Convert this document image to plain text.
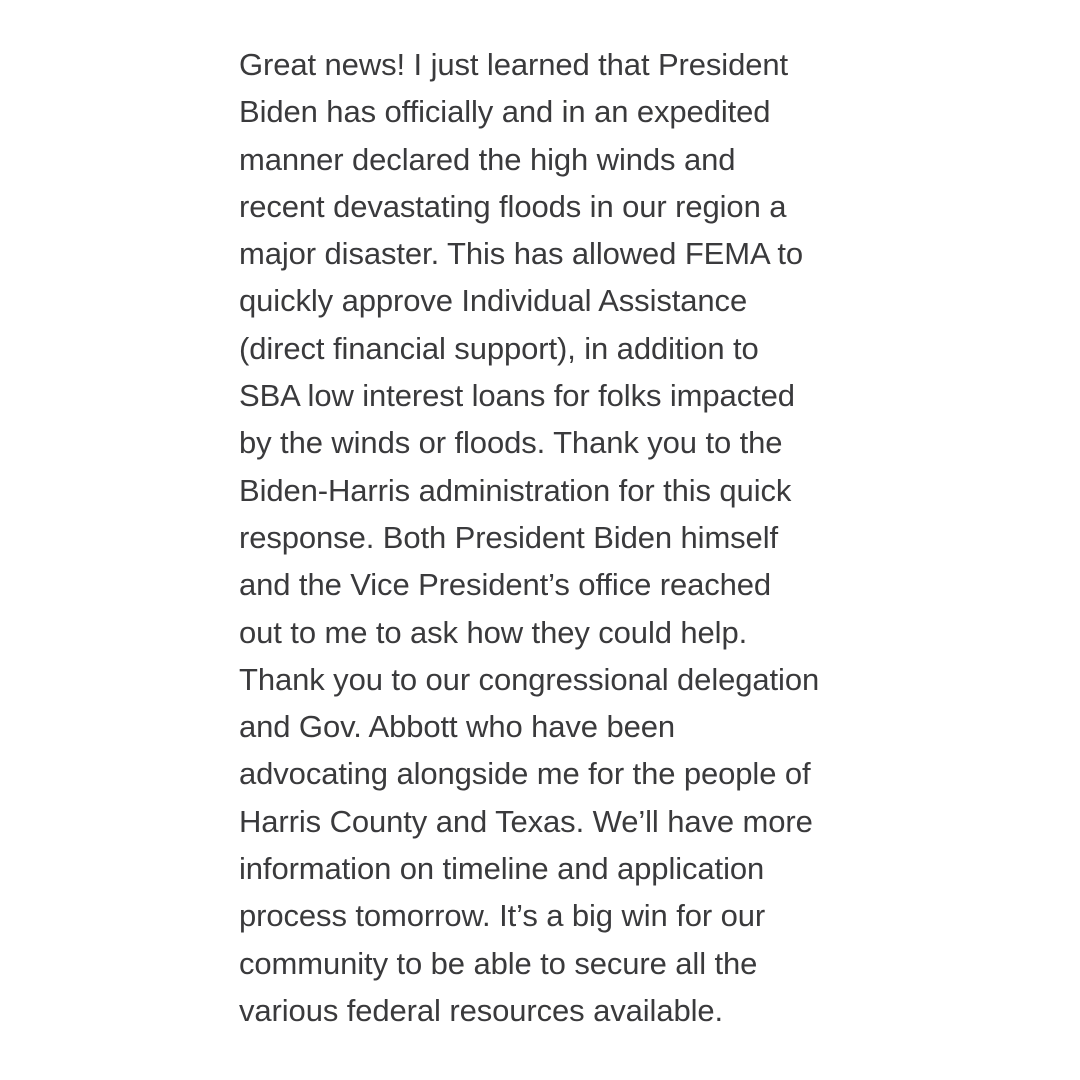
Great news! I just learned that President
Biden has officially and in an expedited
manner declared the high winds and
recent devastating floods in our region a
major disaster. This has allowed FEMA to
quickly approve Individual Assistance
(direct financial support), in addition to
SBA low interest loans for folks impacted
by the winds or floods. Thank you to the
Biden-Harris administration for this quick
response. Both President Biden himself
and the Vice President’s office reached
out to me to ask how they could help.
Thank you to our congressional delegation
and Gov. Abbott who have been
advocating alongside me for the people of
Harris County and Texas. We’ll have more
information on timeline and application
process tomorrow. It’s a big win for our
community to be able to secure all the
various federal resources available.
